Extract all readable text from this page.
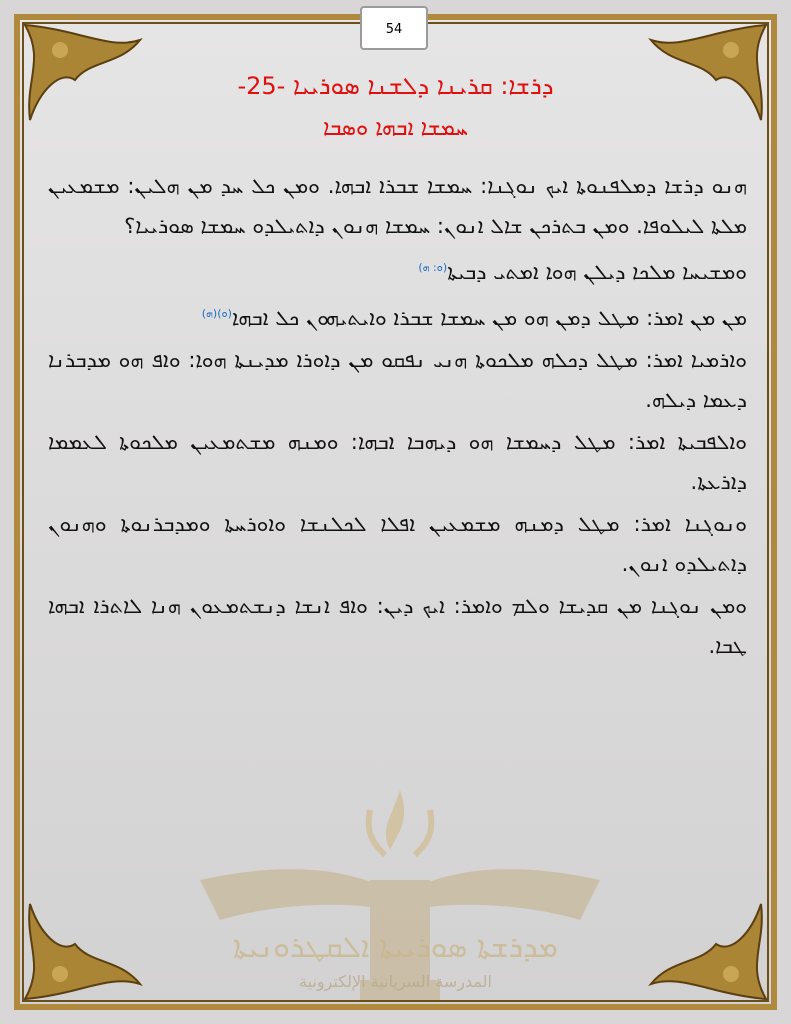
54
ܕܪܫܐ: ܩܪܝܢܐ ܕܠܫܢܐ ܣܘܪܝܝܐ -25-
ܚܡܫܐ ܐܒܗܐ ܘܣܒܐ

ܗܢܘ ܕܪܫܐ ܕܡܠܦܢܘܬܐ ܐܝܟ ܢܘܓܢܐ: ܚܡܫܐ ܫܒܪܐ ܐܒܗܐ. ܘܡܢ ܟܠ ܚܕ ܡܢ ܗܠܝܢ: ܡܫܡܥܝܢ ܡܠܬܐ ܠܝܠܘܦܐ. ܘܡܢ ܒܬܪܟܢ ܫܐܠ ܐܢܘܢ: ܚܡܫܐ ܗܢܘܢ ܕܐܬܝܠܕܘ ܚܡܫܐ ܣܘܪܝܝܐ؟

ܘܡܫܝܚܐ ܡܠܟܐ ܕܝܠܢ ܗܘܐ ܐܡܬܝ ܕܒܝܬܐ$^{(ܘ: ܗ)}$

ܡܢ ܡܢ ܐܡܪ: ܡܛܠ ܕܡܢ ܗܘ ܡܢ ܚܡܫܐ ܫܒܪܐ ܘܐܝܬܝܗܘܢ ܟܠ ܐܒܗܐ$^{(ܘ)(ܗ)}$

ܘܐܪܡܝܐ ܐܡܪ: ܡܛܠ ܕܟܠܗ ܡܠܟܘܬܐ ܗܢܝ ܢܦܩܘ ܡܢ ܕܐܘܪܐ ܡܕܝܢܬܐ ܗܘܐ: ܘܐܦ ܗܘ ܡܕܒܪܢܐ ܕܥܡܐ ܕܝܠܗ.

ܘܐܠܦܒܝܬܐ ܐܡܪ: ܡܛܠ ܕܚܡܫܐ ܗܘ ܕܝܗܒܐ ܐܒܗܐ: ܘܡܢܗ ܡܫܬܡܥܝܢ ܡܠܟܘܬܐ ܠܥܡܡܐ ܕܐܪܥܬܐ.

ܘܢܘܓܢܐ ܐܡܪ: ܡܛܠ ܕܡܢܗ ܡܫܡܥܝܢ ܐܦܠܐ ܠܟܠܢܫܐ ܘܐܘܪܚܬܐ ܘܡܕܒܪܢܘܬܐ ܘܗܢܘܢ ܕܐܬܝܠܕܘ ܐܢܘܢ.

ܘܡܢ ܢܘܓܢܐ ܡܢ ܩܕܝܫܐ ܘܠܡ ܘܐܡܪ: ܐܝܟ ܕܝܢ: ܘܐܦ ܐܢܫܐ ܕܢܫܬܡܥܘܢ ܗܢܐ ܠܐܬܪܐ ܐܒܗܐ ܛܒܐ.

ܡܕܪܫܬܐ ܣܘܪܝܝܬܐ ܐܠܩܛܪܘܢܝܬܐ
المدرسة السريانية الإلكترونية
